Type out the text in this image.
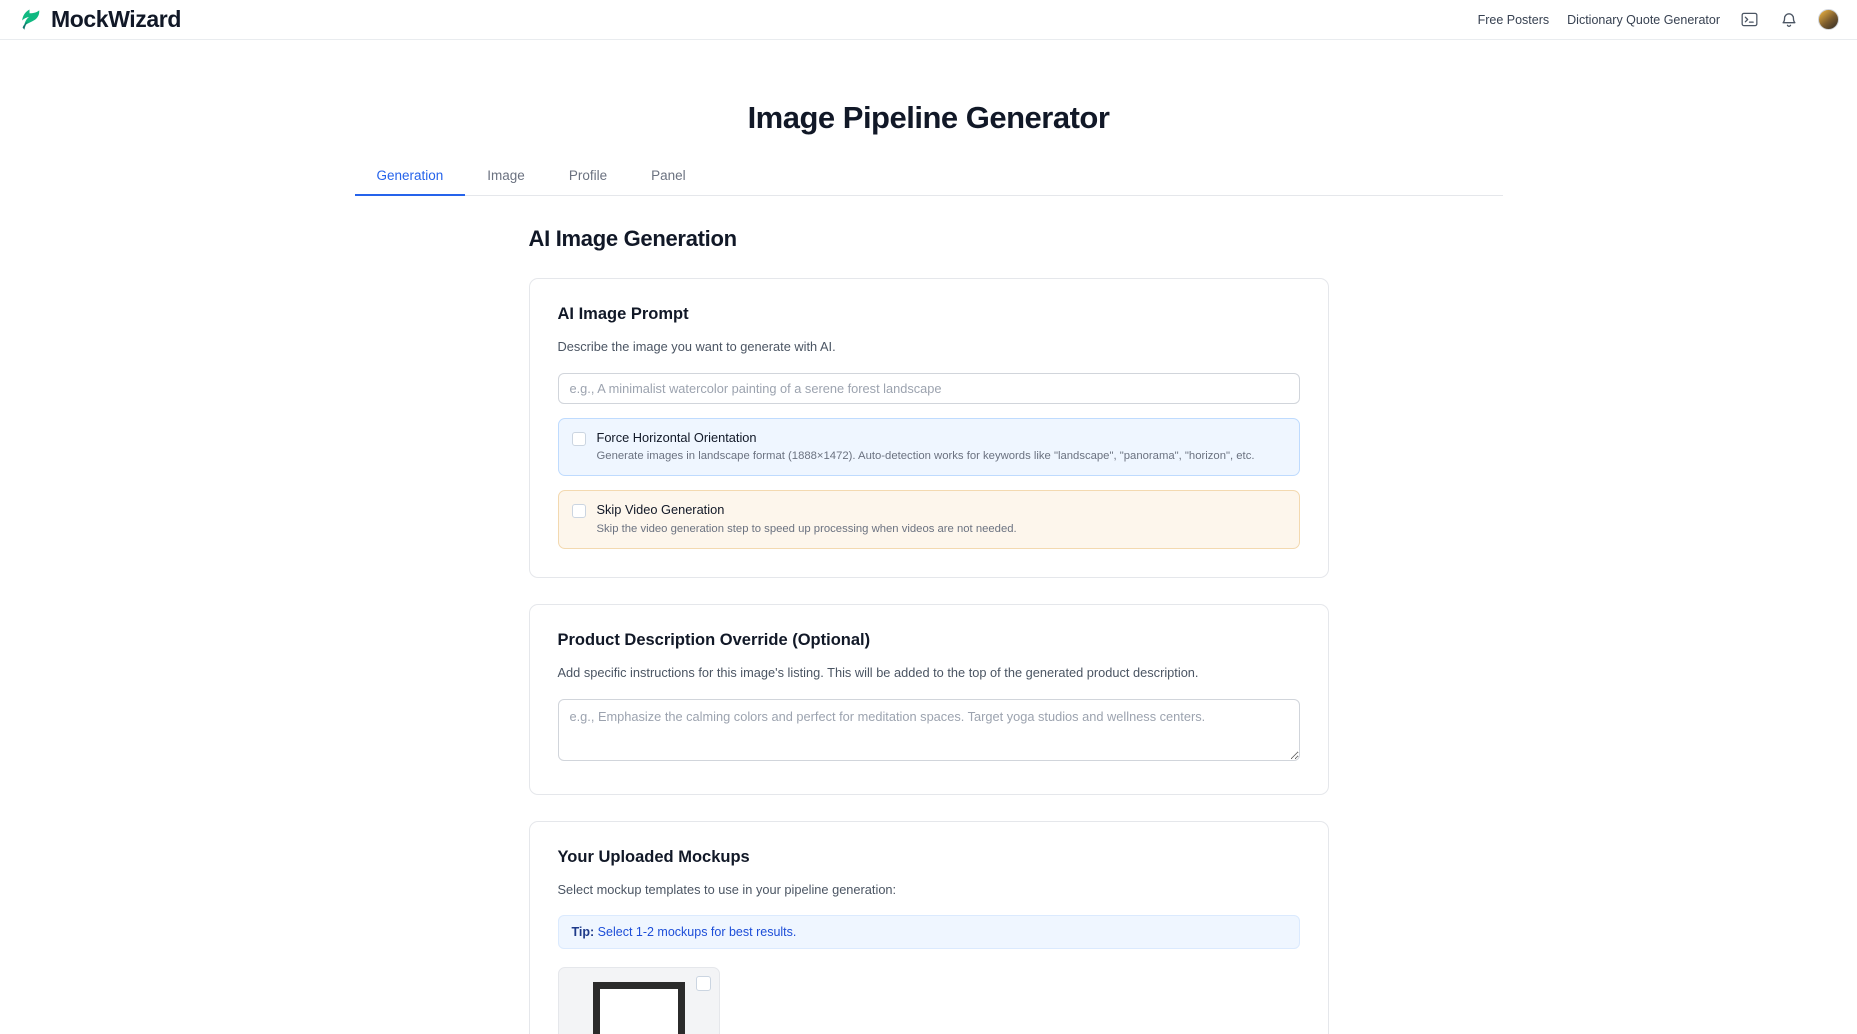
MockWizard	Free Posters Dictionary Quote Generator
Image Pipeline Generator
Generation	Image	Profile	Panel
AI Image Generation
AI Image Prompt

Describe the image you want to generate with AI.

e.g., A minimalist watercolor painting of a serene forest landscape

Force Horizontal Orientation

Generate images in landscape format (1888×1472). Auto-detection works for keywords like "landscape", "panorama", "horizon", etc.

Skip Video Generation

Skip the video generation step to speed up processing when videos are not needed.

Product Description Override (Optional)

Add specific instructions for this image's listing. This will be added to the top of the generated product description.

e.g., Emphasize the calming colors and perfect for meditation spaces. Target yoga studios and wellness centers.
Your Uploaded Mockups

Select mockup templates to use in your pipeline generation:

Tip: Select 1-2 mockups for best results.
